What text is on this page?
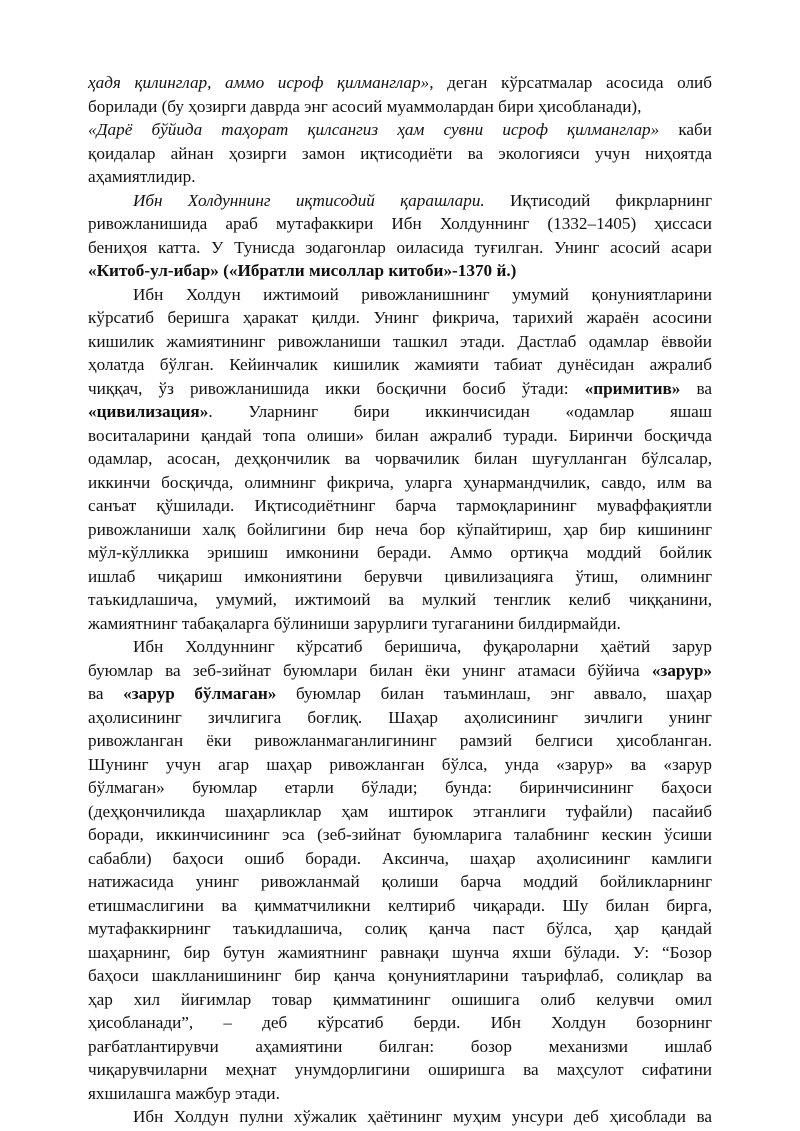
ҳадя қилинглар, аммо исроф қилманглар», деган кўрсатмалар асосида олиб
борилади (бу ҳозирги даврда энг асосий муаммолардан бири ҳисобланади),
«Дарё бўйида таҳорат қилсангиз ҳам сувни исроф қилманглар» каби
қоидалар айнан ҳозирги замон иқтисодиёти ва экологияси учун ниҳоятда
аҳамиятлидир.
Ибн Холдуннинг иқтисодий қарашлари. Иқтисодий фикрларнинг
ривожланишида араб мутафаккири Ибн Холдуннинг (1332–1405) ҳиссаси
бениҳоя катта. У Тунисда зодагонлар оиласида туғилган. Унинг асосий асари
«Китоб-ул-ибар» («Ибратли мисоллар китоби»-1370 й.)
Ибн Холдун ижтимоий ривожланишнинг умумий қонуниятларини
кўрсатиб беришга ҳаракат қилди. Унинг фикрича, тарихий жараён асосини
кишилик жамиятининг ривожланиши ташкил этади. Дастлаб одамлар ёввойи
ҳолатда бўлган. Кейинчалик кишилик жамияти табиат дунёсидан ажралиб
чиққач, ўз ривожланишида икки босқични босиб ўтади: «примитив» ва
«цивилизация». Уларнинг бири иккинчисидан «одамлар яшаш
воситаларини қандай топа олиши» билан ажралиб туради. Биринчи босқичда
одамлар, асосан, деҳқончилик ва чорвачилик билан шуғулланган бўлсалар,
иккинчи босқичда, олимнинг фикрича, уларга ҳунармандчилик, савдо, илм ва
санъат қўшилади. Иқтисодиётнинг барча тармоқларининг муваффақиятли
ривожланиши халқ бойлигини бир неча бор кўпайтириш, ҳар бир кишининг
мўл-кўлликка эришиш имконини беради. Аммо ортиқча моддий бойлик
ишлаб чиқариш имкониятини берувчи цивилизацияга ўтиш, олимнинг
таъкидлашича, умумий, ижтимоий ва мулкий тенглик келиб чиққанини,
жамиятнинг табақаларга бўлиниши зарурлиги тугаганини билдирмайди.
Ибн Холдуннинг кўрсатиб беришича, фуқароларни ҳаётий зарур
буюмлар ва зеб-зийнат буюмлари билан ёки унинг атамаси бўйича «зарур»
ва «зарур бўлмаган» буюмлар билан таъминлаш, энг аввало, шаҳар
аҳолисининг зичлигига боғлиқ. Шаҳар аҳолисининг зичлиги унинг
ривожланган ёки ривожланмаганлигининг рамзий белгиси ҳисобланган.
Шунинг учун агар шаҳар ривожланган бўлса, унда «зарур» ва «зарур
бўлмаган» буюмлар етарли бўлади; бунда: биринчисининг баҳоси
(деҳқончиликда шаҳарликлар ҳам иштирок этганлиги туфайли) пасайиб
боради, иккинчисининг эса (зеб-зийнат буюмларига талабнинг кескин ўсиши
сабабли) баҳоси ошиб боради. Аксинча, шаҳар аҳолисининг камлиги
натижасида унинг ривожланмай қолиши барча моддий бойликларнинг
етишмаслигини ва қимматчиликни келтириб чиқаради. Шу билан бирга,
мутафаккирнинг таъкидлашича, солиқ қанча паст бўлса, ҳар қандай
шаҳарнинг, бир бутун жамиятнинг равнақи шунча яхши бўлади. У: “Бозор
баҳоси шаклланишининг бир қанча қонуниятларини таърифлаб, солиқлар ва
ҳар хил йиғимлар товар қимматининг ошишига олиб келувчи омил
ҳисобланади”, – деб кўрсатиб берди. Ибн Холдун бозорнинг
рағбатлантирувчи аҳамиятини билган: бозор механизми ишлаб
чиқарувчиларни меҳнат унумдорлигини оширишга ва маҳсулот сифатини
яхшилашга мажбур этади.
Ибн Холдун пулни хўжалик ҳаётининг муҳим унсури деб ҳисоблади ва
